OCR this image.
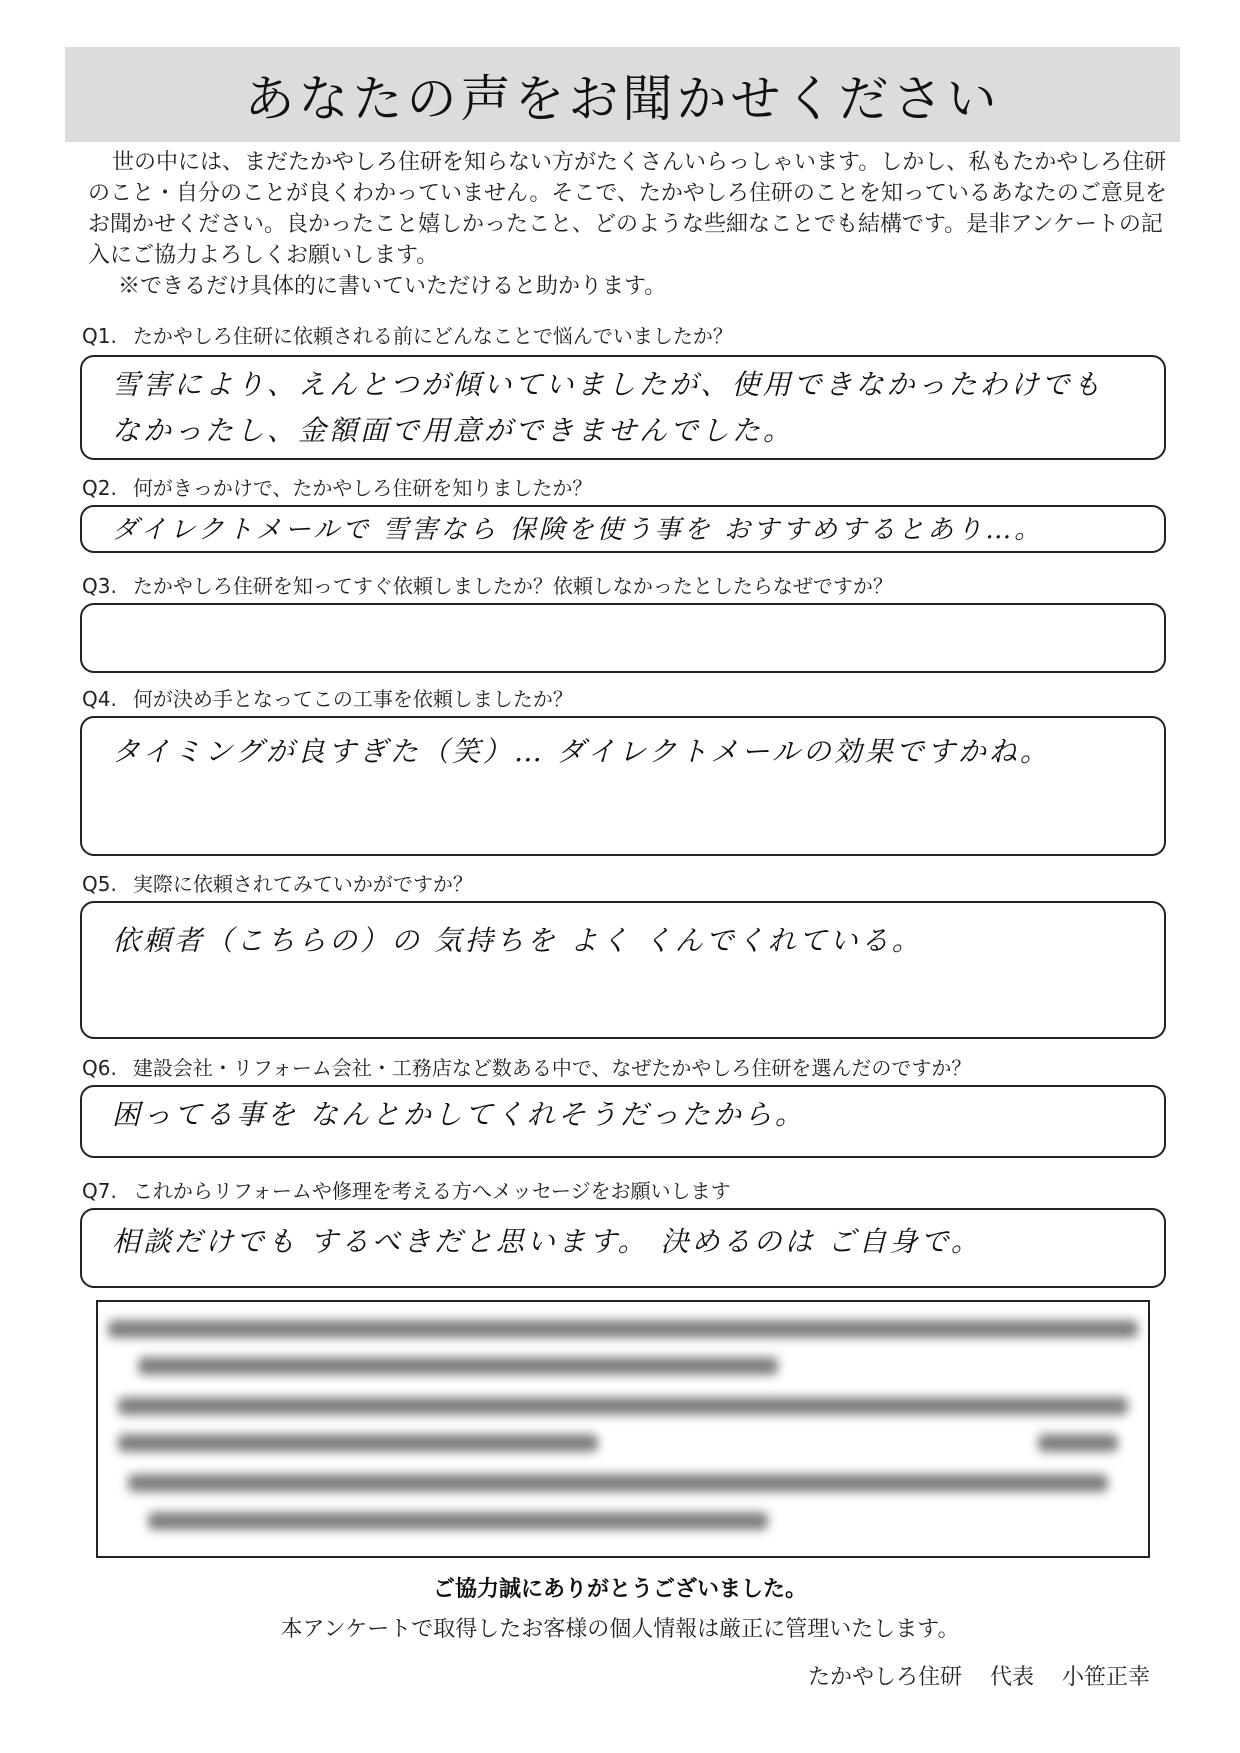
あなたの声をお聞かせください
世の中には、まだたかやしろ住研を知らない方がたくさんいらっしゃいます。しかし、私もたかやしろ住研のこと・自分のことが良くわかっていません。そこで、たかやしろ住研のことを知っているあなたのご意見をお聞かせください。良かったこと嬉しかったこと、どのような些細なことでも結構です。是非アンケートの記入にご協力よろしくお願いします。
※できるだけ具体的に書いていただけると助かります。
Q1. たかやしろ住研に依頼される前にどんなことで悩んでいましたか？
雪害により、えんとつが傾いていましたが、使用できなかったわけでも
なかったし、金額面で用意ができませんでした。
Q2. 何がきっかけで、たかやしろ住研を知りましたか？
ダイレクトメールで 雪害なら 保険を使う事を おすすめするとあり…。
Q3. たかやしろ住研を知ってすぐ依頼しましたか？依頼しなかったとしたらなぜですか？
Q4. 何が決め手となってこの工事を依頼しましたか？
タイミングが良すぎた（笑）… ダイレクトメールの効果ですかね。
Q5. 実際に依頼されてみていかがですか？
依頼者（こちらの）の 気持ちを よく くんでくれている。
Q6. 建設会社・リフォーム会社・工務店など数ある中で、なぜたかやしろ住研を選んだのですか？
困ってる事を なんとかしてくれそうだったから。
Q7. これからリフォームや修理を考える方へメッセージをお願いします
相談だけでも するべきだと思います。 決めるのは ご自身で。
ご協力誠にありがとうございました。
本アンケートで取得したお客様の個人情報は厳正に管理いたします。
たかやしろ住研 代表 小笹正幸
